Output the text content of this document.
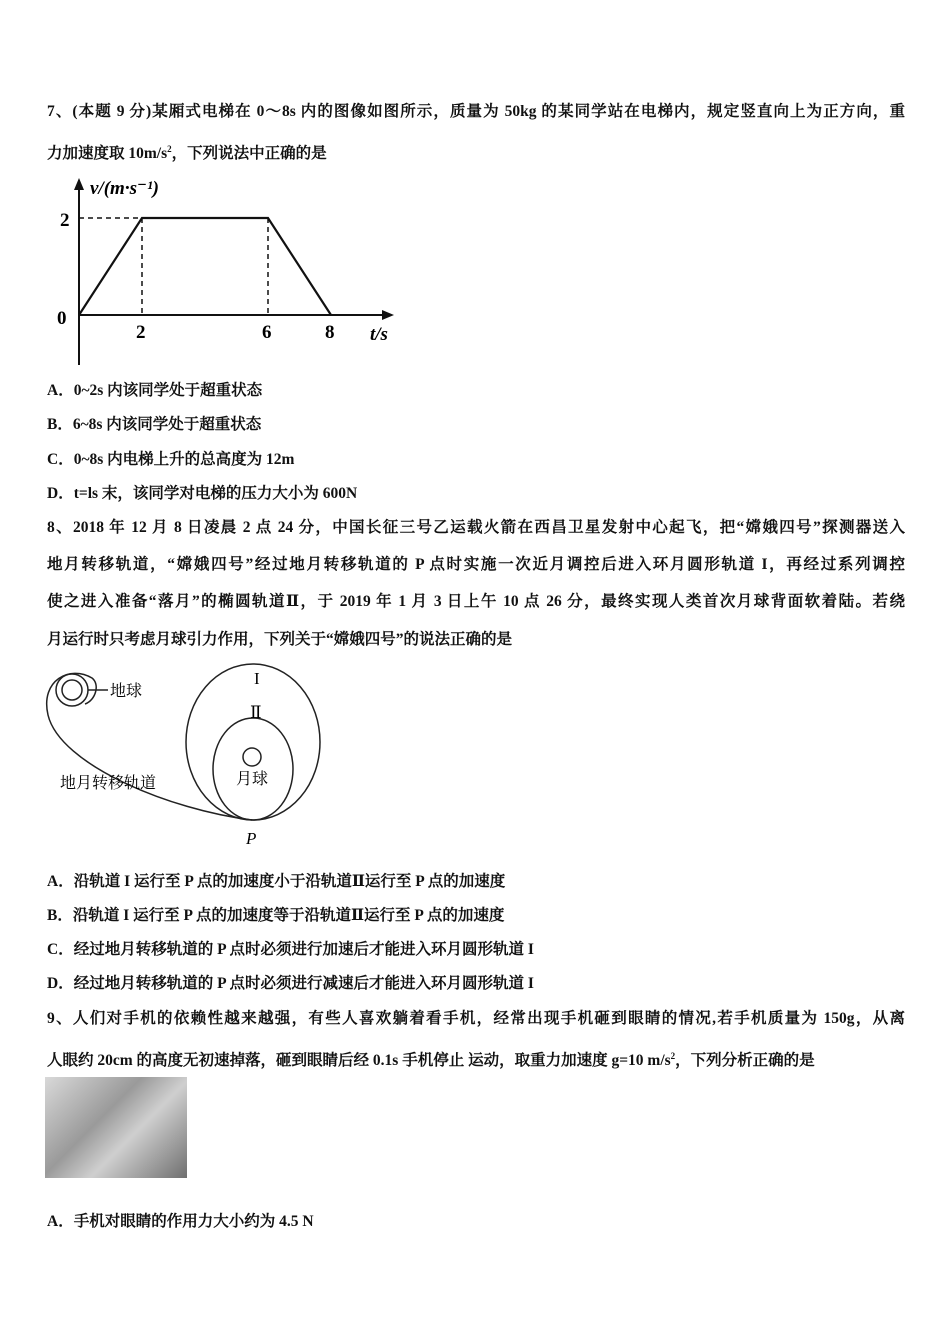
7、(本题 9 分)某厢式电梯在 0～8s 内的图像如图所示，质量为 50kg 的某同学站在电梯内，规定竖直向上为正方向，重
力加速度取 $10m/s^2$，下列说法中正确的是
v/(m·s⁻¹)
2
0
2	6	8 t/s
A．0~2s 内该同学处于超重状态
B．6~8s 内该同学处于超重状态
C．0~8s 内电梯上升的总高度为 12m
D．t=ls 末，该同学对电梯的压力大小为 600N
8、2018 年 12 月 8 日凌晨 2 点 24 分，中国长征三号乙运载火箭在西昌卫星发射中心起飞，把“嫦娥四号”探测器送入
地月转移轨道，“嫦娥四号”经过地月转移轨道的 P 点时实施一次近月调控后进入环月圆形轨道 I，再经过系列调控
使之进入准备“落月”的椭圆轨道Ⅱ，于 2019 年 1 月 3 日上午 10 点 26 分，最终实现人类首次月球背面软着陆。若绕
月运行时只考虑月球引力作用，下列关于“嫦娥四号”的说法正确的是
地球
I
Ⅱ
月球
地月转移轨道
P
A．沿轨道 I 运行至 P 点的加速度小于沿轨道Ⅱ运行至 P 点的加速度
B．沿轨道 I 运行至 P 点的加速度等于沿轨道Ⅱ运行至 P 点的加速度
C．经过地月转移轨道的 P 点时必须进行加速后才能进入环月圆形轨道 I
D．经过地月转移轨道的 P 点时必须进行减速后才能进入环月圆形轨道 I
9、人们对手机的依赖性越来越强，有些人喜欢躺着看手机，经常出现手机砸到眼睛的情况,若手机质量为 150g，从离
人眼约 20cm 的高度无初速掉落，砸到眼睛后经 0.1s 手机停止 运动，取重力加速度 g=10 $m/s^2$，下列分析正确的是
A．手机对眼睛的作用力大小约为 4.5 N
